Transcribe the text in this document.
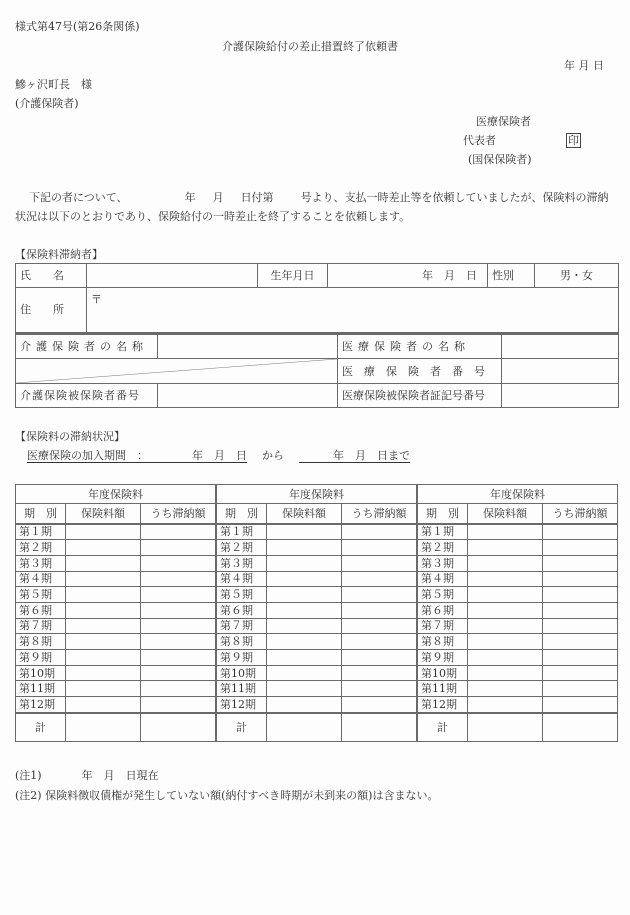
様式第47号(第26条関係)
介護保険給付の差止措置終了依頼書
年 月 日
鰺ヶ沢町長　様
(介護保険者)
医療保険者
代表者	印
(国保保険者)
下記の者について、	年 月 日付第 号より、支払一時差止等を依頼していましたが、保険料の滞納
状況は以下のとおりであり、保険給付の一時差止を終了することを依頼します。
【保険料滞納者】
氏　　名		生年月日	年　月　日	性別	男・女
住　　所	〒				
介護保険者の名称		医療保険者の名称	

	医療保険者番号	
介護保険被保険者番号		医療保険被保険者証記号番号	
【保険料の滞納状況】
医療保険の加入期間　：	年　月　日 から	年　月　日まで
年度保険料		
期　別	保険料額	うち滞納額
第１期		
第２期		
第３期		
第４期		
第５期		
第６期		
第７期		
第８期		
第９期		
第10期		
第11期		
第12期		
計		
年度保険料		
期　別	保険料額	うち滞納額
第１期		
第２期		
第３期		
第４期		
第５期		
第６期		
第７期		
第８期		
第９期		
第10期		
第11期		
第12期		
計		
年度保険料		
期　別	保険料額	うち滞納額
第１期		
第２期		
第３期		
第４期		
第５期		
第６期		
第７期		
第８期		
第９期		
第10期		
第11期		
第12期		
計		
(注1)	年　月　日現在
(注2) 保険料徴収債権が発生していない額(納付すべき時期が未到来の額)は含まない。
